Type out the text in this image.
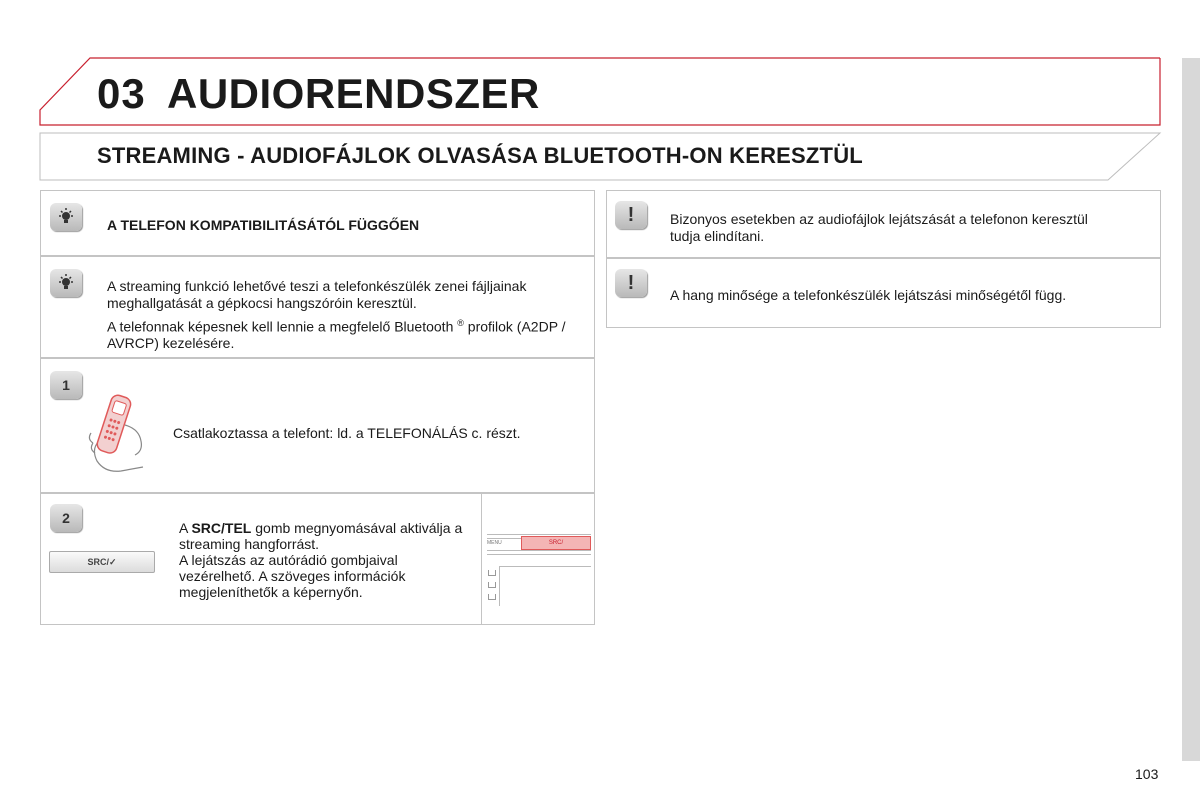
03 AUDIORENDSZER
STREAMING - AUDIOFÁJLOK OLVASÁSA BLUETOOTH-ON KERESZTÜL
A TELEFON KOMPATIBILITÁSÁTÓL FÜGGŐEN

A streaming funkció lehetővé teszi a telefonkészülék zenei fájljainak meghallgatását a gépkocsi hangszóróin keresztül.

A telefonnak képesnek kell lennie a megfelelő Bluetooth ® profilok (A2DP / AVRCP) kezelésére.

1
Csatlakoztassa a telefont: ld. a TELEFONÁLÁS c. részt.
2
SRC/ ✓

A SRC/TEL gomb megnyomásával aktiválja a streaming hangforrást.

A lejátszás az autórádió gombjaival vezérelhető. A szöveges információk megjeleníthetők a képernyőn.

MENU	SRC/
!	Bizonyos esetekben az audiofájlok lejátszását a telefonon keresztül tudja elindítani.
!
A hang minősége a telefonkészülék lejátszási minőségétől függ.
103
